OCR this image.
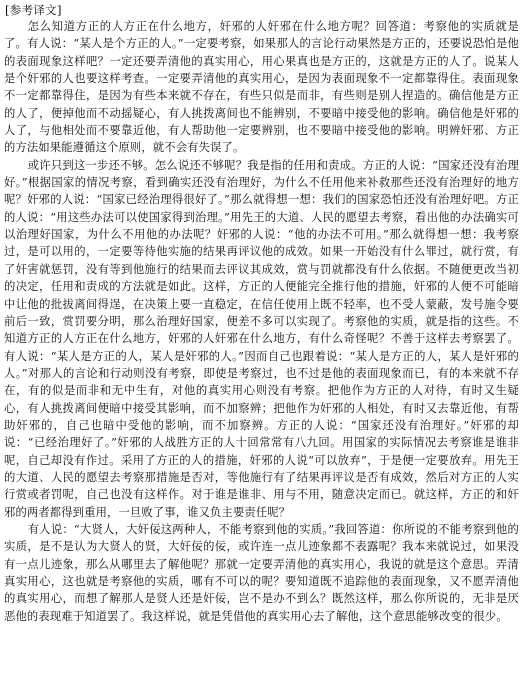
[参考译文]

怎么知道方正的人方正在什么地方，奸邪的人奸邪在什么地方呢？回答道：考察他的实质就是了。有人说：“某人是个方正的人。”一定要考察，如果那人的言论行动果然是方正的，还要说恐怕是他的表面现象这样吧？一定还要弄清他的真实用心，用心果真也是方正的，这就是方正的人了。说某人是个奸邪的人也要这样考查。一定要弄清他的真实用心，是因为表面现象不一定都靠得住。表面现象不一定都靠得住，是因为有些本来就不存在，有些只似是而非，有些则是别人捏造的。确信他是方正的人了，便掉他而不动摇疑心，有人挑拨离间也不能辨别，不要暗中接受他的影响。确信他是奸邪的人了，与他相处而不要靠近他，有人帮助他一定要辨别，也不要暗中接受他的影响。明辨奸邪、方正的方法如果能遵循这个原则，就不会有失误了。

或许只到这一步还不够。怎么说还不够呢？我是指的任用和责成。方正的人说：“国家还没有治理好。”根据国家的情况考察，看到确实还没有治理好，为什么不任用他来补救那些还没有治理好的地方呢？奸邪的人说：“国家已经治理得很好了。”那么就得想一想：我们的国家恐怕还没有治理好吧。方正的人说：“用这些办法可以使国家得到治理。”用先王的大道、人民的愿望去考察，看出他的办法确实可以治理好国家，为什么不用他的办法呢？奸邪的人说：“他的办法不可用。”那么就得想一想：我考察过，是可以用的，一定要等待他实施的结果再评议他的成效。如果一开始没有什么罪过，就行赏，有了奸害就惩罚，没有等到他施行的结果而去评议其成效，赏与罚就都没有什么依据。不随便更改当初的决定，任用和责成的方法就是如此。这样，方正的人便能完全推行他的措施，奸邪的人便不可能暗中让他的批拔离间得逞，在决策上要一直稳定，在信任使用上既不轻率，也不受人蒙蔽，发号施令要前后一致，赏罚要分明，那么治理好国家，便差不多可以实现了。考察他的实质，就是指的这些。不知道方正的人方正在什么地方，奸邪的人奸邪在什么地方，有什么奇怪呢？不善于这样去考察罢了。有人说：“某人是方正的人，某人是奸邪的人。”因而自己也跟着说：“某人是方正的人，某人是奸邪的人。”对那人的言论和行动则没有考察，即使是考察过，也不过是他的表面现象而已，有的本来就不存在，有的似是而非和无中生有，对他的真实用心则没有考察。把他作为方正的人对待，有时又生疑心，有人挑拨离间便暗中接受其影响，而不加察辨；把他作为奸邪的人相处，有时又去靠近他，有帮助奸邪的，自己也暗中受他的影响，而不加察辨。方正的人说：“国家还没有治理好。”奸邪的却说：“已经治理好了。”奸邪的人战胜方正的人十回常常有八九回。用国家的实际情况去考察谁是谁非呢，自己却没有作过。采用了方正的人的措施，奸邪的人说“可以放弃”，于是便一定要放弃。用先王的大道、人民的愿望去考察那措施是否对，等他施行有了结果再评议是否有成效，然后对方正的人实行赏或者罚呢，自己也没有这样作。对于谁是谁非、用与不用，随意决定而已。就这样，方正的和奸邪的两者都得到重用，一旦败了事，谁又负主要责任呢？

有人说：“大贤人，大奸佞这两种人，不能考察到他的实质。”我回答道：你所说的不能考察到他的实质，是不是认为大贤人的贤，大奸佞的佞，或许连一点儿迹象都不表露呢？我本来就说过，如果没有一点儿迹象，那么从哪里去了解他呢？那就一定要弄清他的真实用心，我说的就是这个意思。弄清真实用心，这也就是考察他的实质，哪有不可以的呢？要知道既不追踪他的表面现象，又不愿弄清他的真实用心，而想了解那人是贤人还是奸佞，岂不是办不到么？既然这样，那么你所说的，无非是厌恶他的表现难于知道罢了。我这样说，就是凭借他的真实用心去了解他，这个意思能够改变的很少。
